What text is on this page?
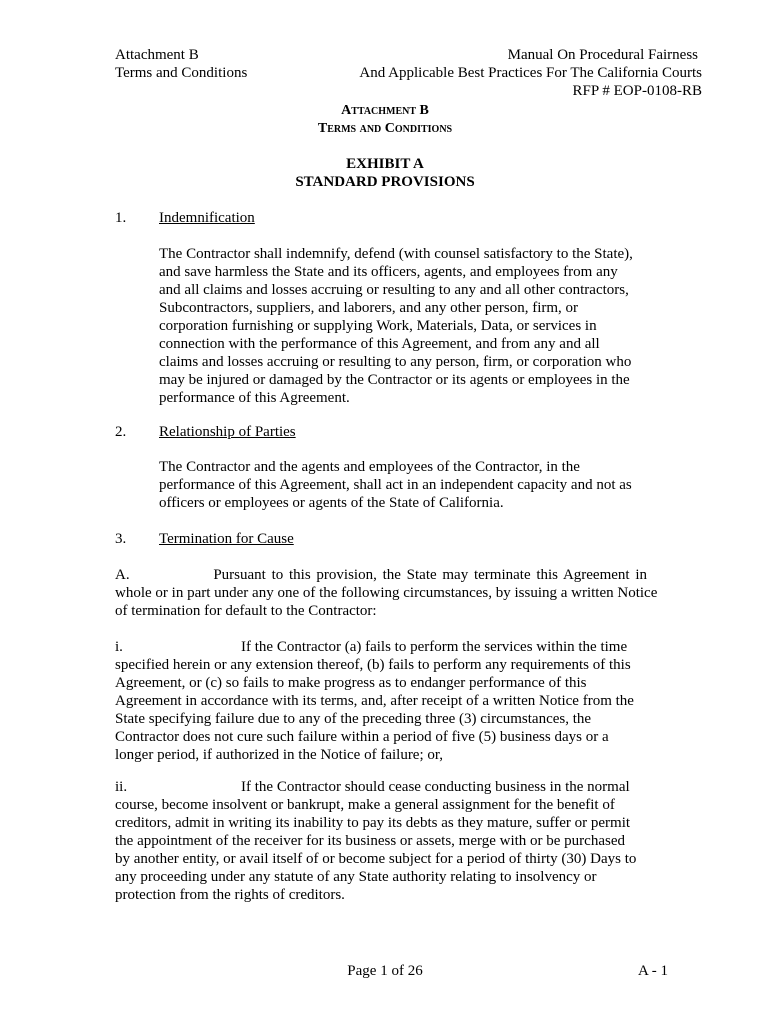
Attachment B
Terms and Conditions
Manual On Procedural Fairness
And Applicable Best Practices For The California Courts
RFP # EOP-0108-RB
Attachment B
Terms and Conditions
EXHIBIT A
STANDARD PROVISIONS
1. Indemnification
The Contractor shall indemnify, defend (with counsel satisfactory to the State),
and save harmless the State and its officers, agents, and employees from any
and all claims and losses accruing or resulting to any and all other contractors,
Subcontractors, suppliers, and laborers, and any other person, firm, or
corporation furnishing or supplying Work, Materials, Data, or services in
connection with the performance of this Agreement, and from any and all
claims and losses accruing or resulting to any person, firm, or corporation who
may be injured or damaged by the Contractor or its agents or employees in the
performance of this Agreement.
2. Relationship of Parties
The Contractor and the agents and employees of the Contractor, in the
performance of this Agreement, shall act in an independent capacity and not as
officers or employees or agents of the State of California.
3. Termination for Cause
A.	Pursuant to this provision, the State may terminate this Agreement in
whole or in part under any one of the following circumstances, by issuing a written Notice
of termination for default to the Contractor:
i.	If the Contractor (a) fails to perform the services within the time
specified herein or any extension thereof, (b) fails to perform any requirements of this
Agreement, or (c) so fails to make progress as to endanger performance of this
Agreement in accordance with its terms, and, after receipt of a written Notice from the
State specifying failure due to any of the preceding three (3) circumstances, the
Contractor does not cure such failure within a period of five (5) business days or a
longer period, if authorized in the Notice of failure; or,
ii.	If the Contractor should cease conducting business in the normal
course, become insolvent or bankrupt, make a general assignment for the benefit of
creditors, admit in writing its inability to pay its debts as they mature, suffer or permit
the appointment of the receiver for its business or assets, merge with or be purchased
by another entity, or avail itself of or become subject for a period of thirty (30) Days to
any proceeding under any statute of any State authority relating to insolvency or
protection from the rights of creditors.
Page 1 of 26	A - 1
